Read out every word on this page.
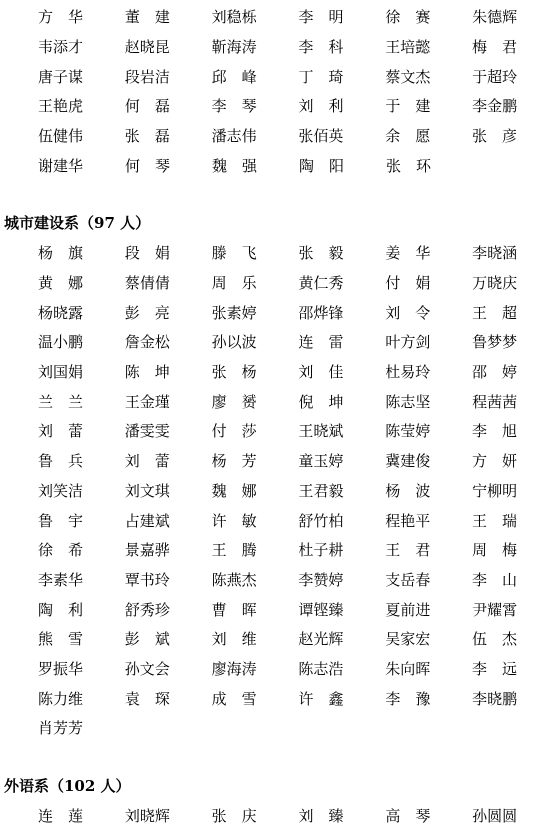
方华	董建	刘稳栎	李明	徐赛	朱德辉
韦添才	赵晓昆	靳海涛	李科	王培懿	梅君
唐子谋	段岩洁	邱峰	丁琦	蔡文杰	于超玲
王艳虎	何磊	李琴	刘利	于建	李金鹏
伍健伟	张磊	潘志伟	张佰英	余愿	张彦
谢建华	何琴	魏强	陶阳	张环
城市建设系（97 人）
杨旗	段娟	滕飞	张毅	姜华	李晓涵
黄娜	蔡倩倩	周乐	黄仁秀	付娟	万晓庆
杨晓露	彭亮	张素婷	邵烨锋	刘令	王超
温小鹏	詹金松	孙以波	连雷	叶方剑	鲁梦梦
刘国娟	陈坤	张杨	刘佳	杜易玲	邵婷
兰兰	王金瑾	廖赟	倪坤	陈志坚	程茜茜
刘蕾	潘雯雯	付莎	王晓斌	陈莹婷	李旭
鲁兵	刘蕾	杨芳	童玉婷	冀建俊	方妍
刘笑洁	刘文琪	魏娜	王君毅	杨波	宁柳明
鲁宇	占建斌	许敏	舒竹柏	程艳平	王瑞
徐希	景嘉骅	王腾	杜子耕	王君	周梅
李素华	覃书玲	陈燕杰	李赞婷	支岳春	李山
陶利	舒秀珍	曹晖	谭铿臻	夏前进	尹耀霄
熊雪	彭斌	刘维	赵光辉	吴家宏	伍杰
罗振华	孙文会	廖海涛	陈志浩	朱向晖	李远
陈力维	袁琛	成雪	许鑫	李豫	李晓鹏
肖芳芳
外语系（102 人）
连莲	刘晓辉	张庆	刘臻	高琴	孙圆圆
